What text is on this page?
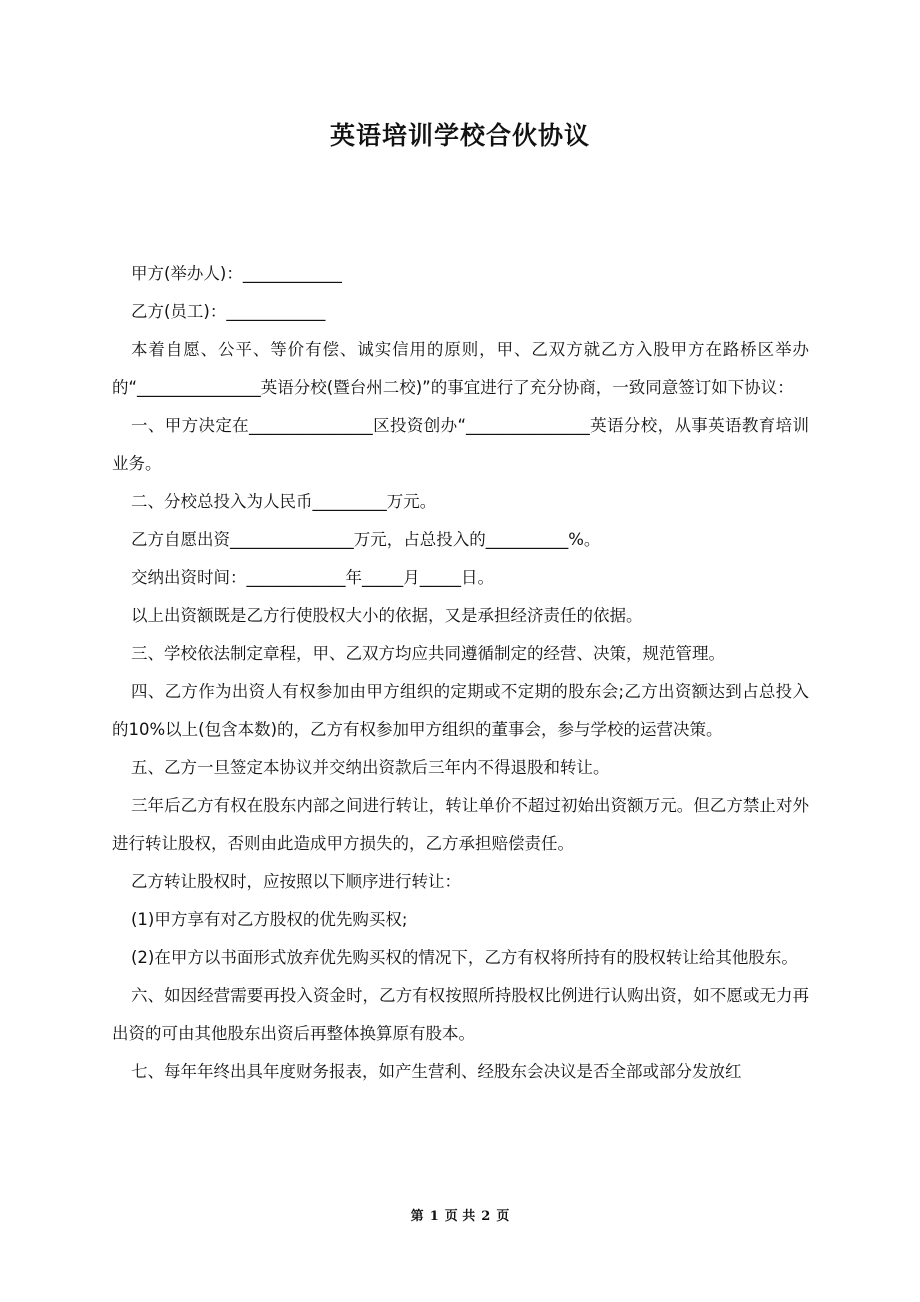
英语培训学校合伙协议

甲方(举办人)：____________

乙方(员工)：____________

本着自愿、公平、等价有偿、诚实信用的原则，甲、乙双方就乙方入股甲方在路桥区举办的“_______________英语分校(暨台州二校)”的事宜进行了充分协商，一致同意签订如下协议：

一、甲方决定在_______________区投资创办“_______________英语分校，从事英语教育培训业务。

二、分校总投入为人民币_________万元。

乙方自愿出资_______________万元，占总投入的__________%。

交纳出资时间：____________年_____月_____日。

以上出资额既是乙方行使股权大小的依据，又是承担经济责任的依据。

三、学校依法制定章程，甲、乙双方均应共同遵循制定的经营、决策，规范管理。

四、乙方作为出资人有权参加由甲方组织的定期或不定期的股东会;乙方出资额达到占总投入的10%以上(包含本数)的，乙方有权参加甲方组织的董事会，参与学校的运营决策。

五、乙方一旦签定本协议并交纳出资款后三年内不得退股和转让。

三年后乙方有权在股东内部之间进行转让，转让单价不超过初始出资额万元。但乙方禁止对外进行转让股权，否则由此造成甲方损失的，乙方承担赔偿责任。

乙方转让股权时，应按照以下顺序进行转让：

(1)甲方享有对乙方股权的优先购买权;

(2)在甲方以书面形式放弃优先购买权的情况下，乙方有权将所持有的股权转让给其他股东。

六、如因经营需要再投入资金时，乙方有权按照所持股权比例进行认购出资，如不愿或无力再出资的可由其他股东出资后再整体换算原有股本。

七、每年年终出具年度财务报表，如产生营利、经股东会决议是否全部或部分发放红

第 1 页 共 2 页
